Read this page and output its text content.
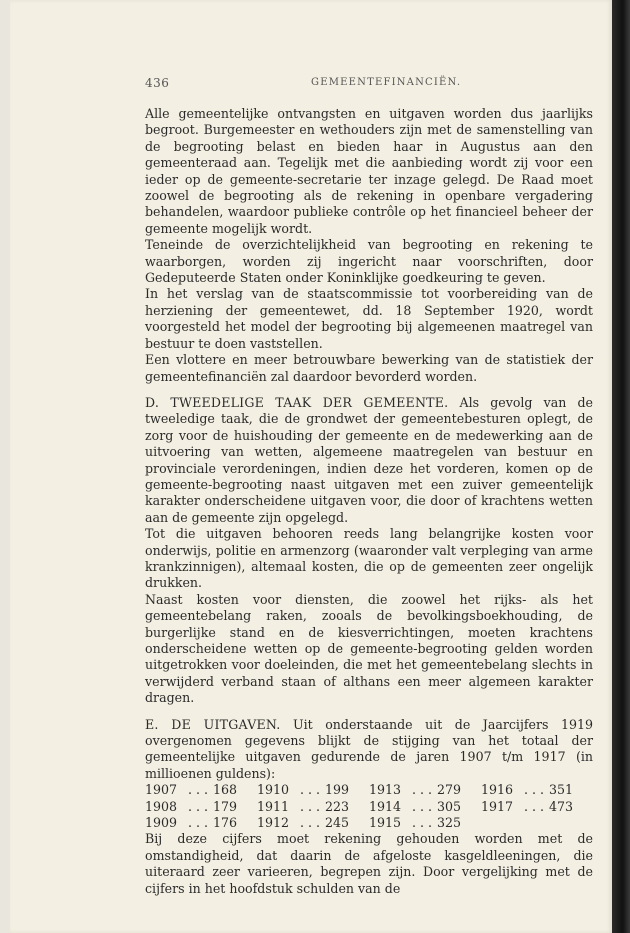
436	GEMEENTEFINANCIËN.

Alle gemeentelijke ontvangsten en uitgaven worden dus jaarlijks begroot. Burgemeester en wethouders zijn met de samenstelling van de begrooting belast en bieden haar in Augustus aan den gemeenteraad aan. Tegelijk met die aanbieding wordt zij voor een ieder op de gemeente-secretarie ter inzage gelegd. De Raad moet zoowel de begrooting als de rekening in openbare vergadering behandelen, waardoor publieke contrôle op het financieel beheer der gemeente mogelijk wordt.

Teneinde de overzichtelijkheid van begrooting en rekening te waarborgen, worden zij ingericht naar voorschriften, door Gedeputeerde Staten onder Koninklijke goedkeuring te geven.

In het verslag van de staatscommissie tot voorbereiding van de herziening der gemeentewet, dd. 18 September 1920, wordt voorgesteld het model der begrooting bij algemeenen maatregel van bestuur te doen vaststellen.

Een vlottere en meer betrouwbare bewerking van de statistiek der gemeentefinanciën zal daardoor bevorderd worden.

D. TWEEDELIGE TAAK DER GEMEENTE. Als gevolg van de tweeledige taak, die de grondwet der gemeentebesturen oplegt, de zorg voor de huishouding der gemeente en de medewerking aan de uitvoering van wetten, algemeene maatregelen van bestuur en provinciale verordeningen, indien deze het vorderen, komen op de gemeente-begrooting naast uitgaven met een zuiver gemeentelijk karakter onderscheidene uitgaven voor, die door of krachtens wetten aan de gemeente zijn opgelegd.

Tot die uitgaven behooren reeds lang belangrijke kosten voor onderwijs, politie en armenzorg (waaronder valt verpleging van arme krankzinnigen), altemaal kosten, die op de gemeenten zeer ongelijk drukken.

Naast kosten voor diensten, die zoowel het rijks- als het gemeentebelang raken, zooals de bevolkingsboekhouding, de burgerlijke stand en de kiesverrichtingen, moeten krachtens onderscheidene wetten op de gemeente-begrooting gelden worden uitgetrokken voor doeleinden, die met het gemeentebelang slechts in verwijderd verband staan of althans een meer algemeen karakter dragen.

E. DE UITGAVEN. Uit onderstaande uit de Jaarcijfers 1919 overgenomen gegevens blijkt de stijging van het totaal der gemeentelijke uitgaven gedurende de jaren 1907 t/m 1917 (in millioenen guldens):

1907	. . .	168	1910	. . .	199	1913	. . .	279	1916	. . .	351
1908	. . .	179	1911	. . .	223	1914	. . .	305	1917	. . .	473
1909	. . .	176	1912	. . .	245	1915	. . .	325			

Bij deze cijfers moet rekening gehouden worden met de omstandigheid, dat daarin de afgeloste kasgeldleeningen, die uiteraard zeer varieeren, begrepen zijn. Door vergelijking met de cijfers in het hoofdstuk schulden van de
